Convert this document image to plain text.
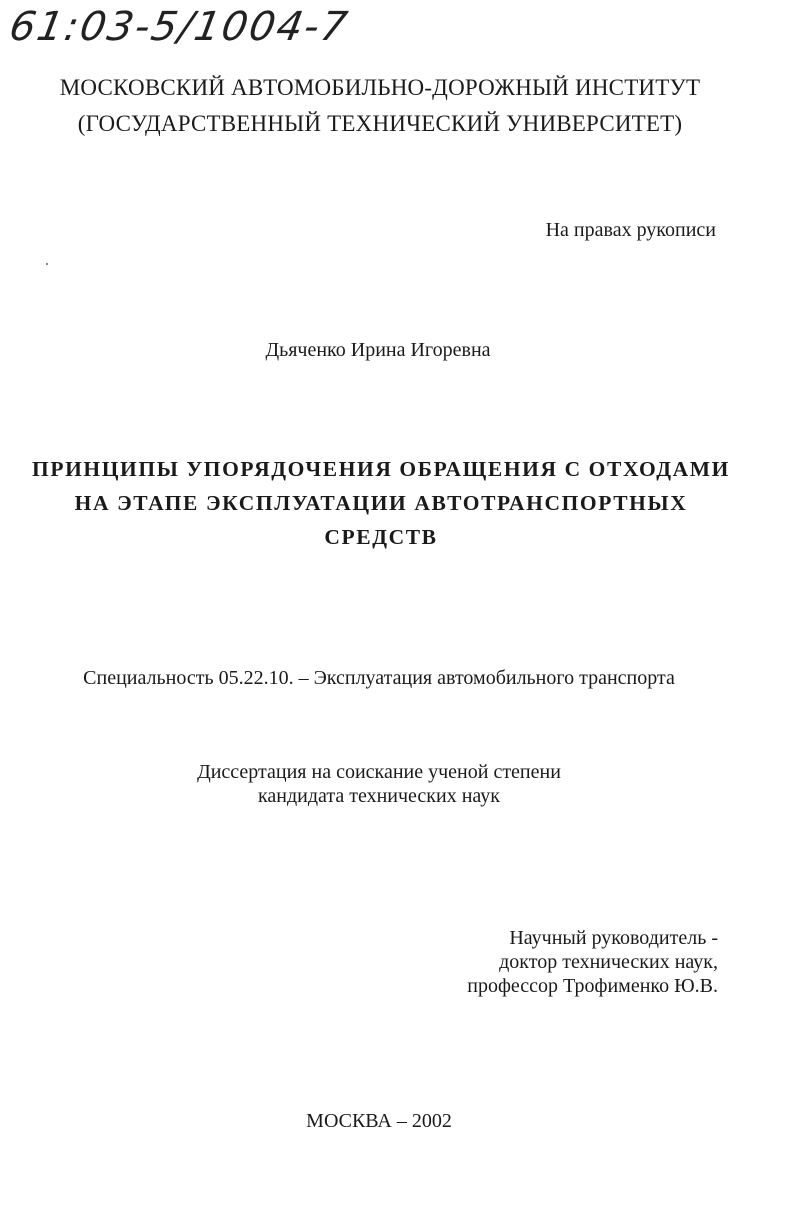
61:03-5/1004-7
МОСКОВСКИЙ АВТОМОБИЛЬНО-ДОРОЖНЫЙ ИНСТИТУТ
(ГОСУДАРСТВЕННЫЙ ТЕХНИЧЕСКИЙ УНИВЕРСИТЕТ)
На правах рукописи
Дьяченко Ирина Игоревна
ПРИНЦИПЫ УПОРЯДОЧЕНИЯ ОБРАЩЕНИЯ С ОТХОДАМИ
НА ЭТАПЕ ЭКСПЛУАТАЦИИ АВТОТРАНСПОРТНЫХ
СРЕДСТВ
Специальность 05.22.10. – Эксплуатация автомобильного транспорта
Диссертация на соискание ученой степени
кандидата технических наук
Научный руководитель -
доктор технических наук,
профессор Трофименко Ю.В.
МОСКВА – 2002
